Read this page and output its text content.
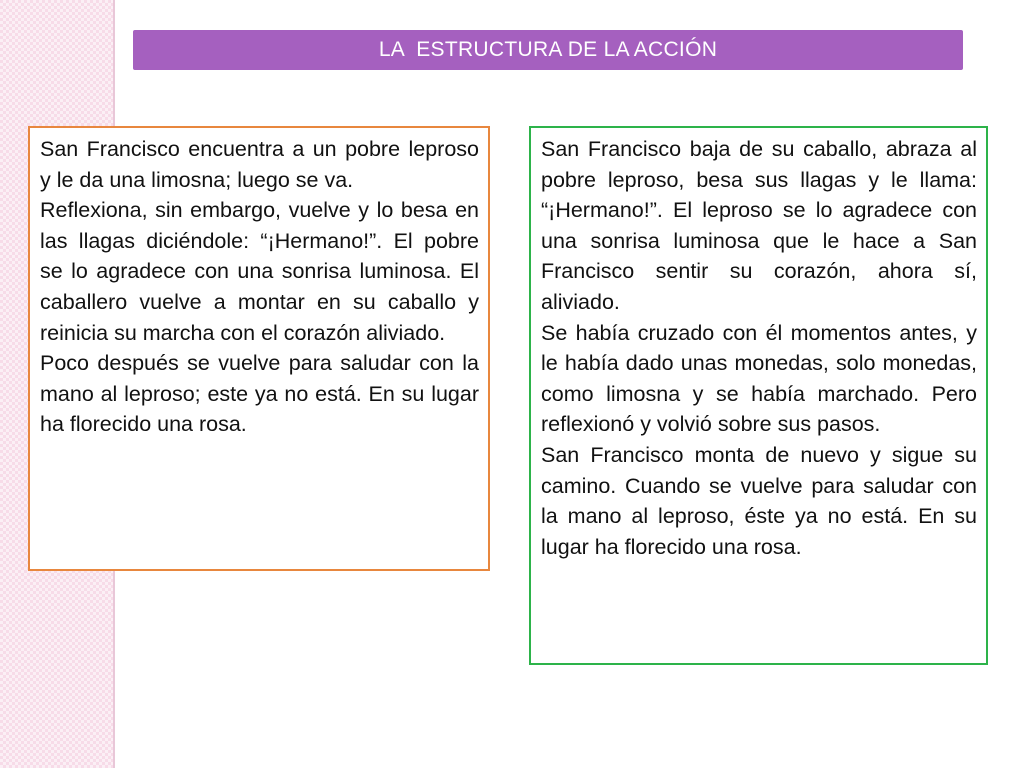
LA  ESTRUCTURA DE LA ACCIÓN

San Francisco encuentra a un pobre leproso y le da una limosna; luego se va.

Reflexiona, sin embargo, vuelve y lo besa en las llagas diciéndole: “¡Hermano!”. El pobre se lo agradece con una sonrisa luminosa. El caballero vuelve a montar en su caballo y reinicia su marcha con el corazón aliviado.

Poco después se vuelve para saludar con la mano al leproso; este ya no está. En su lugar ha florecido una rosa.

San Francisco baja de su caballo, abraza al pobre leproso, besa sus llagas y le llama: “¡Hermano!”. El leproso se lo agradece con una sonrisa luminosa que le hace a San Francisco sentir su corazón, ahora sí, aliviado.

Se había cruzado con él momentos antes, y le había dado unas monedas, solo monedas, como limosna y se había marchado. Pero reflexionó y volvió sobre sus pasos.

San Francisco monta de nuevo y sigue su camino. Cuando se vuelve para saludar con la mano al leproso, éste ya no está. En su lugar ha florecido una rosa.
